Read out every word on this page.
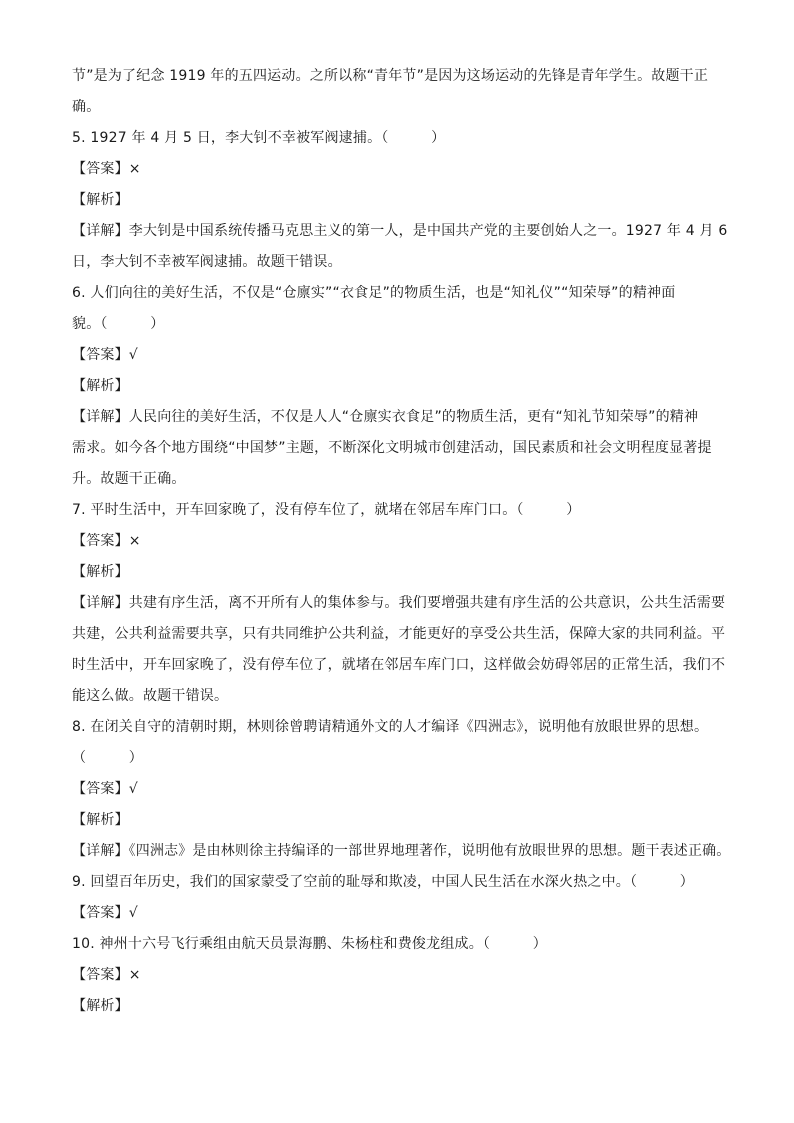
节”是为了纪念 1919 年的五四运动。之所以称“青年节”是因为这场运动的先锋是青年学生。故题干正
确。
5. 1927 年 4 月 5 日，李大钊不幸被军阀逮捕。（　　　）
【答案】×
【解析】
【详解】李大钊是中国系统传播马克思主义的第一人，是中国共产党的主要创始人之一。1927 年 4 月 6
日，李大钊不幸被军阀逮捕。故题干错误。
6. 人们向往的美好生活，不仅是“仓廪实”“衣食足”的物质生活，也是“知礼仪”“知荣辱”的精神面
貌。（　　　）
【答案】√
【解析】
【详解】人民向往的美好生活，不仅是人人“仓廪实衣食足”的物质生活，更有“知礼节知荣辱”的精神
需求。如今各个地方围绕“中国梦”主题，不断深化文明城市创建活动，国民素质和社会文明程度显著提
升。故题干正确。
7. 平时生活中，开车回家晚了，没有停车位了，就堵在邻居车库门口。（　　　）
【答案】×
【解析】
【详解】共建有序生活，离不开所有人的集体参与。我们要增强共建有序生活的公共意识，公共生活需要
共建，公共利益需要共享，只有共同维护公共利益，才能更好的享受公共生活，保障大家的共同利益。平
时生活中，开车回家晚了，没有停车位了，就堵在邻居车库门口，这样做会妨碍邻居的正常生活，我们不
能这么做。故题干错误。
8. 在闭关自守的清朝时期，林则徐曾聘请精通外文的人才编译《四洲志》，说明他有放眼世界的思想。
（　　　）
【答案】√
【解析】
【详解】《四洲志》是由林则徐主持编译的一部世界地理著作，说明他有放眼世界的思想。题干表述正确。
9. 回望百年历史，我们的国家蒙受了空前的耻辱和欺凌，中国人民生活在水深火热之中。（　　　）
【答案】√
10. 神州十六号飞行乘组由航天员景海鹏、朱杨柱和费俊龙组成。（　　　）
【答案】×
【解析】
